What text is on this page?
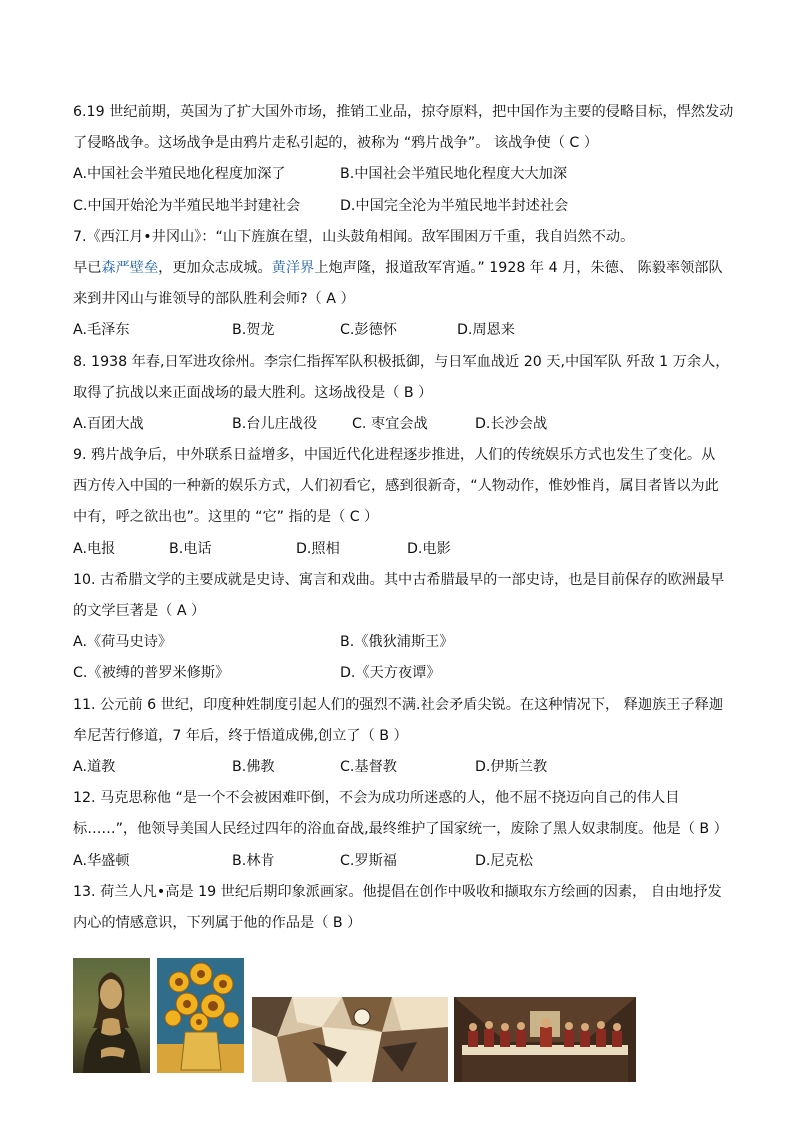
6.19 世纪前期，英国为了扩大国外市场，推销工业品，掠夺原料，把中国作为主要的侵略目标，悍然发动
了侵略战争。这场战争是由鸦片走私引起的，被称为 “鸦片战争”。 该战争使（ C ）
A.中国社会半殖民地化程度加深了	B.中国社会半殖民地化程度大大加深
C.中国开始沦为半殖民地半封建社会	D.中国完全沦为半殖民地半封述社会
7.《西江月•井冈山》：“山下旌旗在望，山头鼓角相闻。敌军围困万千重，我自岿然不动。
早已森严壁垒，更加众志成城。黄洋界上炮声隆，报道敌军宵遁。” 1928 年 4 月，朱德、 陈毅率领部队
来到井冈山与谁领导的部队胜利会师?（ A ）
A.毛泽东	B.贺龙	C.彭德怀	D.周恩来
8. 1938 年春,日军进攻徐州。李宗仁指挥军队积极抵御，与日军血战近 20 天,中国军队 歼敌 1 万余人，
取得了抗战以来正面战场的最大胜利。这场战役是（ B ）
A.百团大战	B.台儿庄战役 C. 枣宜会战	D.长沙会战
9. 鸦片战争后，中外联系日益增多，中国近代化进程逐步推进，人们的传统娱乐方式也发生了变化。从
西方传入中国的一种新的娱乐方式，人们初看它，感到很新奇，“人物动作，惟妙惟肖，属目者皆以为此
中有，呼之欲出也”。这里的 “它” 指的是（ C ）
A.电报	B.电话	D.照相	D.电影
10. 古希腊文学的主要成就是史诗、寓言和戏曲。其中古希腊最早的一部史诗，也是目前保存的欧洲最早
的文学巨著是（ A ）
A.《荷马史诗》	B.《俄狄浦斯王》
C.《被缚的普罗米修斯》	D.《天方夜谭》
11. 公元前 6 世纪，印度种姓制度引起人们的强烈不满.社会矛盾尖锐。在这种情况下， 释迦族王子释迦
牟尼苦行修道，7 年后，终于悟道成佛,创立了（ B ）
A.道教	B.佛教	C.基督教	D.伊斯兰教
12. 马克思称他 “是一个不会被困难吓倒，不会为成功所迷惑的人，他不屈不挠迈向自己的伟人目
标……”，他领导美国人民经过四年的浴血奋战,最终维护了国家统一，废除了黑人奴隶制度。他是（ B ）
A.华盛顿	B.林肯	C.罗斯福	D.尼克松
13. 荷兰人凡•高是 19 世纪后期印象派画家。他提倡在创作中吸收和撷取东方绘画的因素， 自由地抒发
内心的情感意识，下列属于他的作品是（ B ）
